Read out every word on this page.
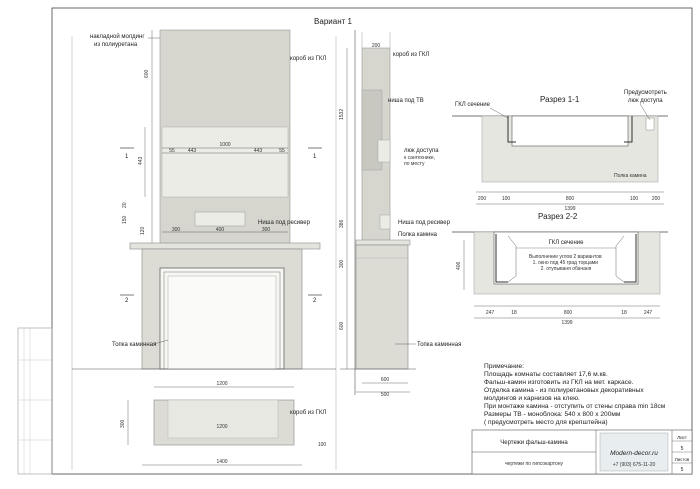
Вариант 1
600
1000
443
443	443
55	55
120
20
150
300	400	300
1200
1200
1400
300
100
1	1
2	2
накладной молдинг из полиуретана
короб из ГКЛ
Ниша под ресивер
Топка каминная
короб из ГКЛ
200
1532
386
300
600
600
500
короб из ГКЛ
ниша под ТВ
люк доступа
к сантехнике, по месту
Ниша под ресивер
Полка камина
Топка каминная
Разрез 1-1
200	100	800	100	200
1399
ГКЛ сечение
Предусмотреть люк доступа
Полка камина
Разрез 2-2
ГКЛ сечение
Выполнение углов 2 вариантов 1. окно под 45 град торцами 2. отупываня обачаня
406
247	18	800	18	247
1399
Примечание:
Площадь комнаты составляет 17,6 м.кв.
Фальш-камин изготовить из ГКЛ на мет. каркасе.
Отделка камина - из полиуретановых декоративных
молдингов и карнизов на клею.
При монтаже камина - отступить от стены справа min 18см
Размеры ТВ - моноблока: 540 х 800 х 200мм
( предусмотреть место для крепштейна)
Чертежи фальш-камина
чертежи по гипсокартону
Modern-decor.ru
+7 (903) 675-11-20
Лист
5
Листов
5
